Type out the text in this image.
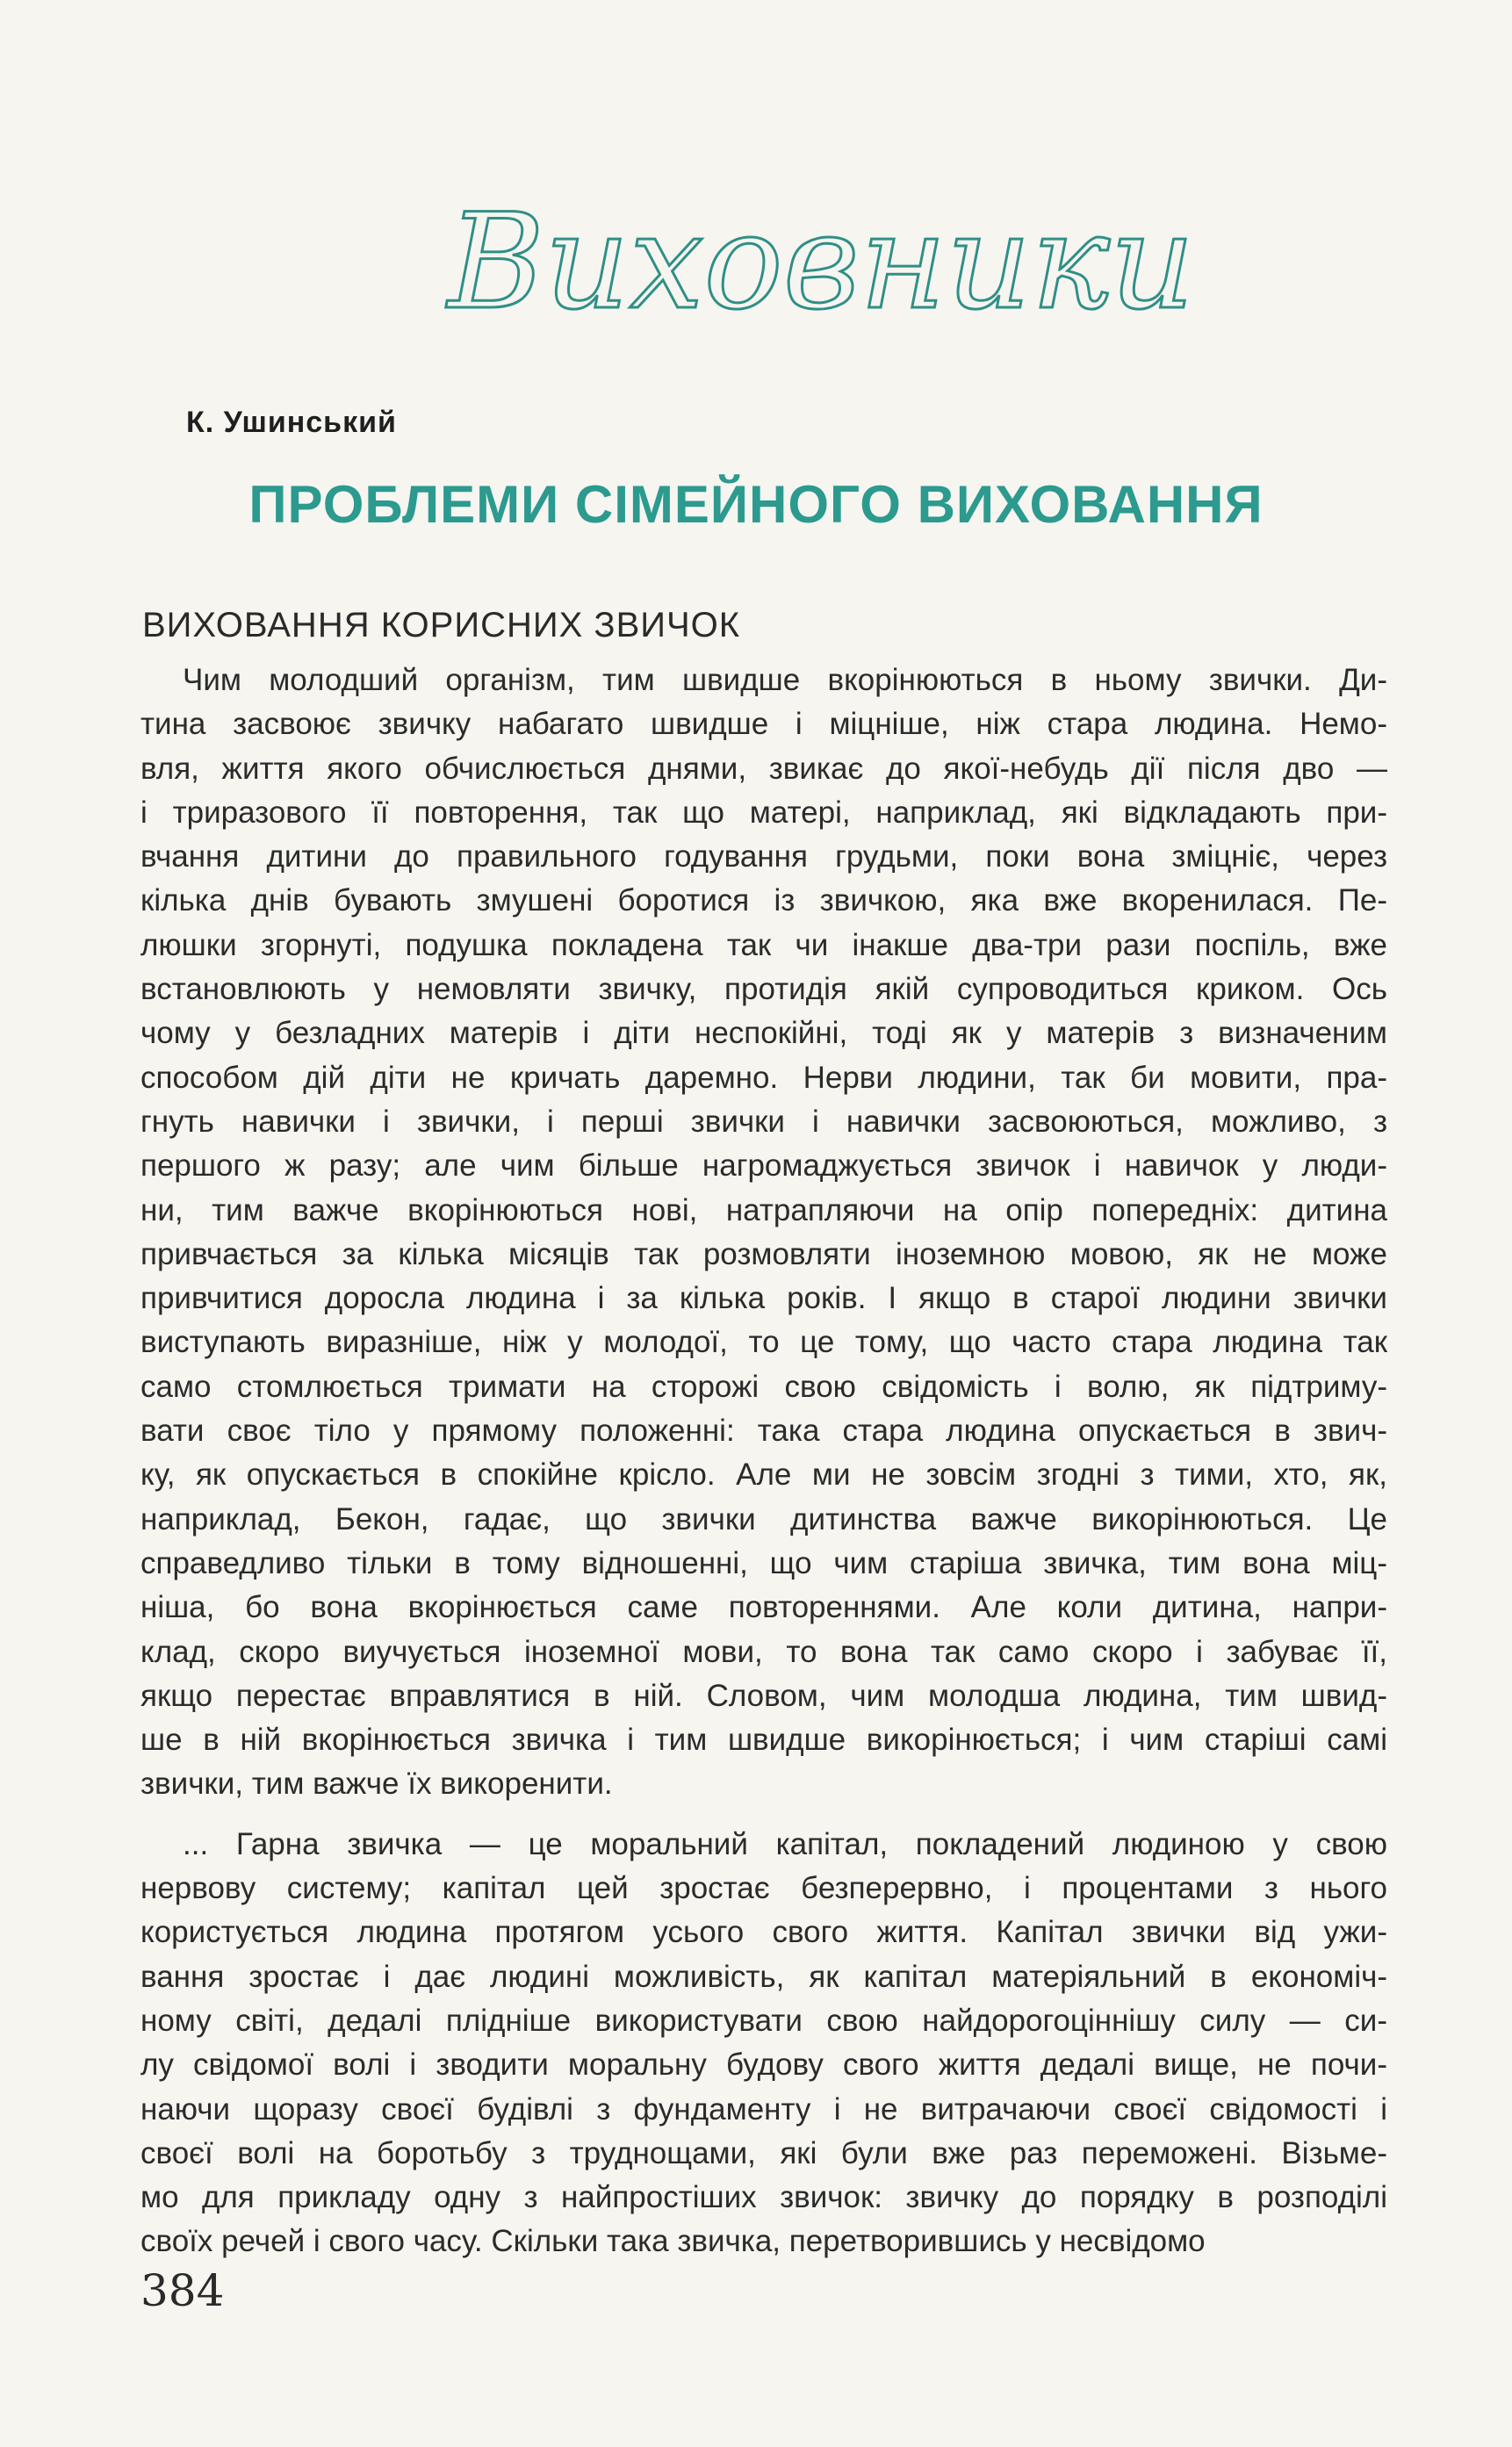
Виховники
К. Ушинський
ПРОБЛЕМИ СІМЕЙНОГО ВИХОВАННЯ
ВИХОВАННЯ КОРИСНИХ ЗВИЧОК
Чим молодший організм, тим швидше вкорінюються в ньому звички. Ди-
тина засвоює звичку набагато швидше і міцніше, ніж стара людина. Немо-
вля, життя якого обчислюється днями, звикає до якої-небудь дії після дво —
і триразового її повторення, так що матері, наприклад, які відкладають при-
вчання дитини до правильного годування грудьми, поки вона зміцніє, через
кілька днів бувають змушені боротися із звичкою, яка вже вкоренилася. Пе-
люшки згорнуті, подушка покладена так чи інакше два-три рази поспіль, вже
встановлюють у немовляти звичку, протидія якій супроводиться криком. Ось
чому у безладних матерів і діти неспокійні, тоді як у матерів з визначеним
способом дій діти не кричать даремно. Нерви людини, так би мовити, пра-
гнуть навички і звички, і перші звички і навички засвоюються, можливо, з
першого ж разу; але чим більше нагромаджується звичок і навичок у люди-
ни, тим важче вкорінюються нові, натрапляючи на опір попередніх: дитина
привчається за кілька місяців так розмовляти іноземною мовою, як не може
привчитися доросла людина і за кілька років. І якщо в старої людини звички
виступають виразніше, ніж у молодої, то це тому, що часто стара людина так
само стомлюється тримати на сторожі свою свідомість і волю, як підтриму-
вати своє тіло у прямому положенні: така стара людина опускається в звич-
ку, як опускається в спокійне крісло. Але ми не зовсім згодні з тими, хто, як,
наприклад, Бекон, гадає, що звички дитинства важче викорінюються. Це
справедливо тільки в тому відношенні, що чим старіша звичка, тим вона міц-
ніша, бо вона вкорінюється саме повтореннями. Але коли дитина, напри-
клад, скоро виучується іноземної мови, то вона так само скоро і забуває її,
якщо перестає вправлятися в ній. Словом, чим молодша людина, тим швид-
ше в ній вкорінюється звичка і тим швидше викорінюється; і чим старіші самі
звички, тим важче їх викоренити.
... Гарна звичка — це моральний капітал, покладений людиною у свою
нервову систему; капітал цей зростає безперервно, і процентами з нього
користується людина протягом усього свого життя. Капітал звички від ужи-
вання зростає і дає людині можливість, як капітал матеріяльний в економіч-
ному світі, дедалі плідніше використувати свою найдорогоціннішу силу — си-
лу свідомої волі і зводити моральну будову свого життя дедалі вище, не почи-
наючи щоразу своєї будівлі з фундаменту і не витрачаючи своєї свідомості і
своєї волі на боротьбу з труднощами, які були вже раз переможені. Візьме-
мо для прикладу одну з найпростіших звичок: звичку до порядку в розподілі
своїх речей і свого часу. Скільки така звичка, перетворившись у несвідомо
384
